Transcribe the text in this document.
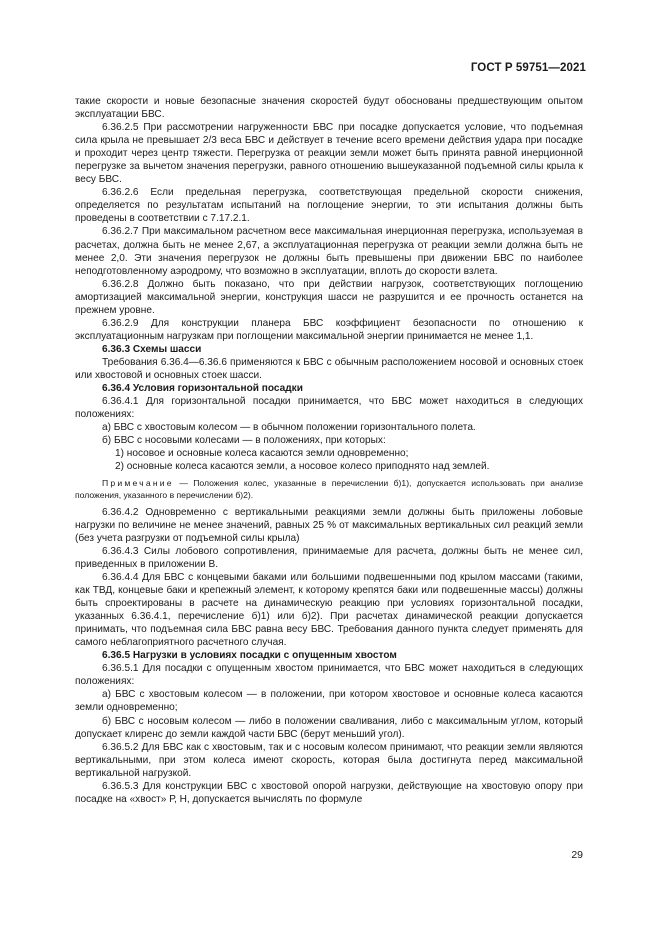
ГОСТ Р 59751—2021

такие скорости и новые безопасные значения скоростей будут обоснованы предшествующим опытом эксплуатации БВС.

6.36.2.5 При рассмотрении нагруженности БВС при посадке допускается условие, что подъемная сила крыла не превышает 2/3 веса БВС и действует в течение всего времени действия удара при посадке и проходит через центр тяжести. Перегрузка от реакции земли может быть принята равной инерционной перегрузке за вычетом значения перегрузки, равного отношению вышеуказанной подъемной силы крыла к весу БВС.

6.36.2.6 Если предельная перегрузка, соответствующая предельной скорости снижения, определяется по результатам испытаний на поглощение энергии, то эти испытания должны быть проведены в соответствии с 7.17.2.1.

6.36.2.7 При максимальном расчетном весе максимальная инерционная перегрузка, используемая в расчетах, должна быть не менее 2,67, а эксплуатационная перегрузка от реакции земли должна быть не менее 2,0. Эти значения перегрузок не должны быть превышены при движении БВС по наиболее неподготовленному аэродрому, что возможно в эксплуатации, вплоть до скорости взлета.

6.36.2.8 Должно быть показано, что при действии нагрузок, соответствующих поглощению амортизацией максимальной энергии, конструкция шасси не разрушится и ее прочность останется на прежнем уровне.

6.36.2.9 Для конструкции планера БВС коэффициент безопасности по отношению к эксплуатационным нагрузкам при поглощении максимальной энергии принимается не менее 1,1.

6.36.3 Схемы шасси

Требования 6.36.4—6.36.6 применяются к БВС с обычным расположением носовой и основных стоек или хвостовой и основных стоек шасси.

6.36.4 Условия горизонтальной посадки

6.36.4.1 Для горизонтальной посадки принимается, что БВС может находиться в следующих положениях:

а) БВС с хвостовым колесом — в обычном положении горизонтального полета.

б) БВС с носовыми колесами — в положениях, при которых:

1) носовое и основные колеса касаются земли одновременно;

2) основные колеса касаются земли, а носовое колесо приподнято над землей.

Примечание — Положения колес, указанные в перечислении б)1), допускается использовать при анализе положения, указанного в перечислении б)2).

6.36.4.2 Одновременно с вертикальными реакциями земли должны быть приложены лобовые нагрузки по величине не менее значений, равных 25 % от максимальных вертикальных сил реакций земли (без учета разгрузки от подъемной силы крыла)

6.36.4.3 Силы лобового сопротивления, принимаемые для расчета, должны быть не менее сил, приведенных в приложении В.

6.36.4.4 Для БВС с концевыми баками или большими подвешенными под крылом массами (такими, как ТВД, концевые баки и крепежный элемент, к которому крепятся баки или подвешенные массы) должны быть спроектированы в расчете на динамическую реакцию при условиях горизонтальной посадки, указанных 6.36.4.1, перечисление б)1) или б)2). При расчетах динамической реакции допускается принимать, что подъемная сила БВС равна весу БВС. Требования данного пункта следует применять для самого неблагоприятного расчетного случая.

6.36.5 Нагрузки в условиях посадки с опущенным хвостом

6.36.5.1 Для посадки с опущенным хвостом принимается, что БВС может находиться в следующих положениях:

а) БВС с хвостовым колесом — в положении, при котором хвостовое и основные колеса касаются земли одновременно;

б) БВС с носовым колесом — либо в положении сваливания, либо с максимальным углом, который допускает клиренс до земли каждой части БВС (берут меньший угол).

6.36.5.2 Для БВС как с хвостовым, так и с носовым колесом принимают, что реакции земли являются вертикальными, при этом колеса имеют скорость, которая была достигнута перед максимальной вертикальной нагрузкой.

6.36.5.3 Для конструкции БВС с хвостовой опорой нагрузки, действующие на хвостовую опору при посадке на «хвост» Р, Н, допускается вычислять по формуле

29
